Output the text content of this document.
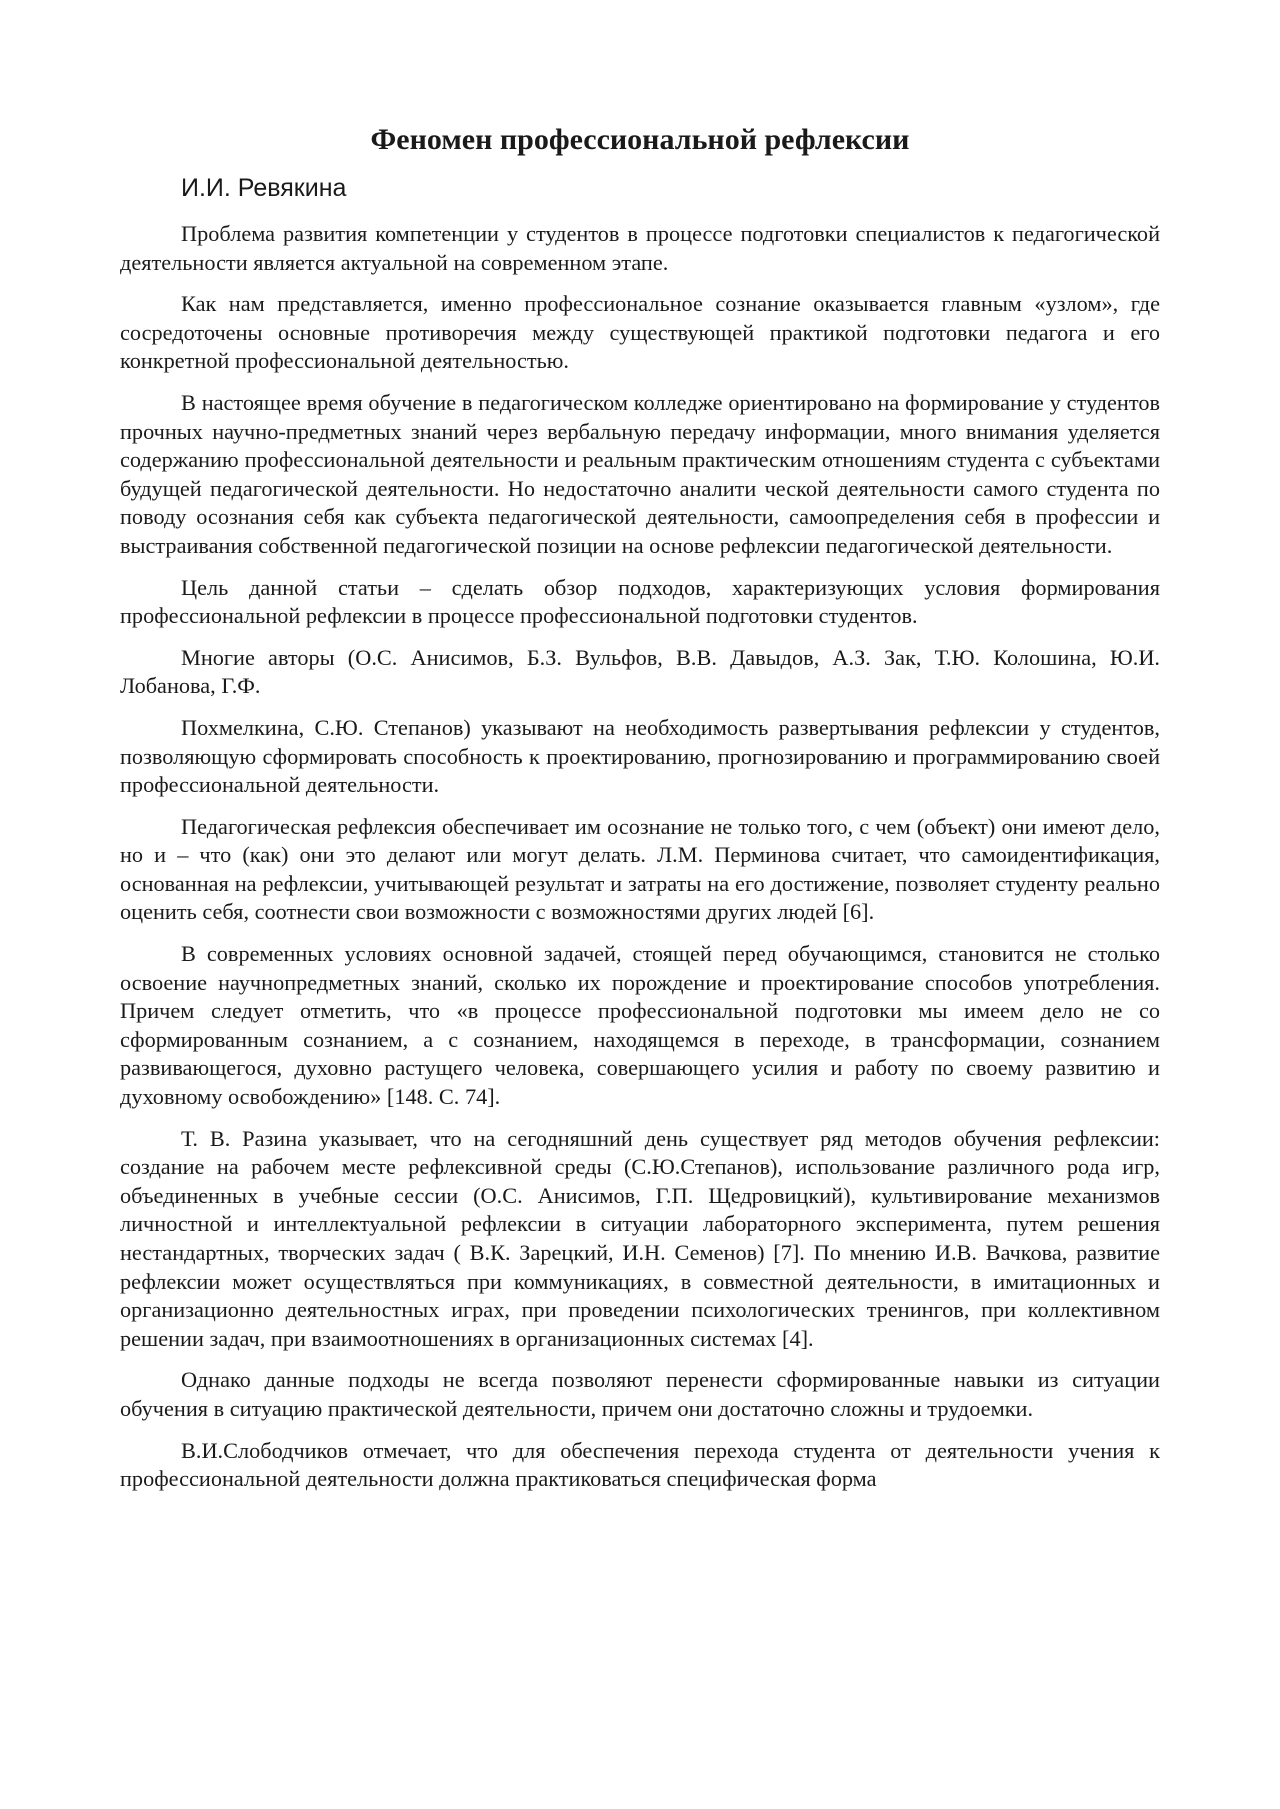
Феномен профессиональной рефлексии
И.И. Ревякина

Проблема развития компетенции у студентов в процессе подготовки специалистов к педагогической деятельности является актуальной на современном этапе.

Как нам представляется, именно профессиональное сознание оказывается главным «узлом», где сосредоточены основные противоречия между существующей практикой подготовки педагога и его конкретной профессиональной деятельностью.

В настоящее время обучение в педагогическом колледже ориентировано на формирование у студентов прочных научно-предметных знаний через вербальную передачу информации, много внимания уделяется содержанию профессиональной деятельности и реальным практическим отношениям студента с субъектами будущей педагогической деятельности. Но недостаточно аналити ческой деятельности самого студента по поводу осознания себя как субъекта педагогической деятельности, самоопределения себя в профессии и выстраивания собственной педагогической позиции на основе рефлексии педагогической деятельности.

Цель данной статьи – сделать обзор подходов, характеризующих условия формирования профессиональной рефлексии в процессе профессиональной подготовки студентов.

Многие авторы (О.С. Анисимов, Б.З. Вульфов, В.В. Давыдов, А.З. Зак, Т.Ю. Колошина, Ю.И. Лобанова, Г.Ф.

Похмелкина, С.Ю. Степанов) указывают на необходимость развертывания рефлексии у студентов, позволяющую сформировать способность к проектированию, прогнозированию и программированию своей профессиональной деятельности.

Педагогическая рефлексия обеспечивает им осознание не только того, с чем (объект) они имеют дело, но и – что (как) они это делают или могут делать. Л.М. Перминова считает, что самоидентификация, основанная на рефлексии, учитывающей результат и затраты на его достижение, позволяет студенту реально оценить себя, соотнести свои возможности с возможностями других людей [6].

В современных условиях основной задачей, стоящей перед обучающимся, становится не столько освоение научнопредметных знаний, сколько их порождение и проектирование способов употребления. Причем следует отметить, что «в процессе профессиональной подготовки мы имеем дело не со сформированным сознанием, а с сознанием, находящемся в переходе, в трансформации, сознанием развивающегося, духовно растущего человека, совершающего усилия и работу по своему развитию и духовному освобождению» [148. С. 74].

Т. В. Разина указывает, что на сегодняшний день существует ряд методов обучения рефлексии: создание на рабочем месте рефлексивной среды (С.Ю.Степанов), использование различного рода игр, объединенных в учебные сессии (О.С. Анисимов, Г.П. Щедровицкий), культивирование механизмов личностной и интеллектуальной рефлексии в ситуации лабораторного эксперимента, путем решения нестандартных, творческих задач ( В.К. Зарецкий, И.Н. Семенов) [7]. По мнению И.В. Вачкова, развитие рефлексии может осуществляться при коммуникациях, в совместной деятельности, в имитационных и организационно деятельностных играх, при проведении психологических тренингов, при коллективном решении задач, при взаимоотношениях в организационных системах [4].

Однако данные подходы не всегда позволяют перенести сформированные навыки из ситуации обучения в ситуацию практической деятельности, причем они достаточно сложны и трудоемки.

В.И.Слободчиков отмечает, что для обеспечения перехода студента от деятельности учения к профессиональной деятельности должна практиковаться специфическая форма
